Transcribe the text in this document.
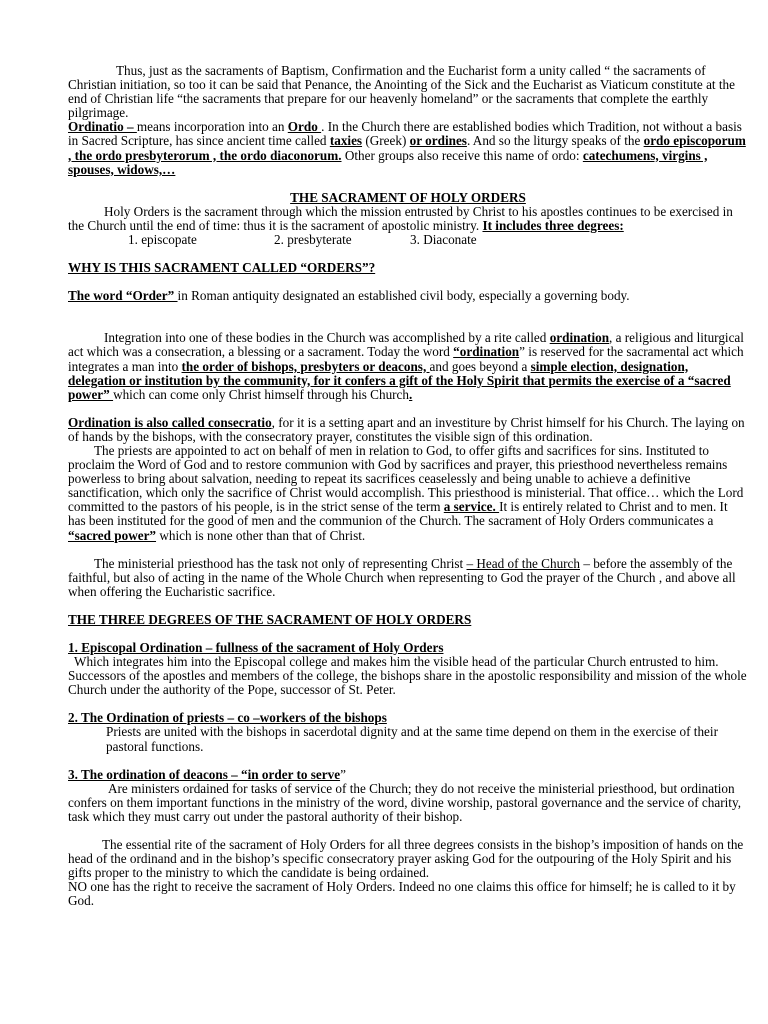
Thus, just as the sacraments of Baptism, Confirmation and the Eucharist form a unity called “ the sacraments of Christian initiation, so too it can be said that Penance, the Anointing of the Sick and the Eucharist as Viaticum constitute at the end of Christian life “the sacraments that prepare for our heavenly homeland” or the sacraments that complete the earthly pilgrimage.

Ordinatio – means incorporation into an Ordo . In the Church there are established bodies which Tradition, not without a basis in Sacred Scripture, has since ancient time called taxies (Greek) or ordines. And so the liturgy speaks of the ordo episcoporum , the ordo presbyterorum , the ordo diaconorum. Other groups also receive this name of ordo: catechumens, virgins , spouses, widows,…

THE SACRAMENT OF HOLY ORDERS

Holy Orders is the sacrament through which the mission entrusted by Christ to his apostles continues to be exercised in the Church until the end of time: thus it is the sacrament of apostolic ministry. It includes three degrees:1. episcopate	2. presbyterate	3. Diaconate

WHY IS THIS SACRAMENT CALLED “ORDERS”?

The word “Order” in Roman antiquity designated an established civil body, especially a governing body.

Integration into one of these bodies in the Church was accomplished by a rite called ordination, a religious and liturgical act which was a consecration, a blessing or a sacrament. Today the word “ordination” is reserved for the sacramental act which integrates a man into the order of bishops, presbyters or deacons, and goes beyond a simple election, designation, delegation or institution by the community, for it confers a gift of the Holy Spirit that permits the exercise of a “sacred power” which can come only Christ himself through his Church.

Ordination is also called consecratio, for it is a setting apart and an investiture by Christ himself for his Church. The laying on of hands by the bishops, with the consecratory prayer, constitutes the visible sign of this ordination.

The priests are appointed to act on behalf of men in relation to God, to offer gifts and sacrifices for sins. Instituted to proclaim the Word of God and to restore communion with God by sacrifices and prayer, this priesthood nevertheless remains powerless to bring about salvation, needing to repeat its sacrifices ceaselessly and being unable to achieve a definitive sanctification, which only the sacrifice of Christ would accomplish. This priesthood is ministerial. That office… which the Lord committed to the pastors of his people, is in the strict sense of the term a service. It is entirely related to Christ and to men. It has been instituted for the good of men and the communion of the Church. The sacrament of Holy Orders communicates a “sacred power” which is none other than that of Christ.

The ministerial priesthood has the task not only of representing Christ – Head of the Church – before the assembly of the faithful, but also of acting in the name of the Whole Church when representing to God the prayer of the Church , and above all when offering the Eucharistic sacrifice.

THE THREE DEGREES OF THE SACRAMENT OF HOLY ORDERS

1. Episcopal Ordination – fullness of the sacrament of Holy Orders

Which integrates him into the Episcopal college and makes him the visible head of the particular Church entrusted to him. Successors of the apostles and members of the college, the bishops share in the apostolic responsibility and mission of the whole Church under the authority of the Pope, successor of St. Peter.

2. The Ordination of priests – co –workers of the bishops

Priests are united with the bishops in sacerdotal dignity and at the same time depend on them in the exercise of their pastoral functions.

3. The ordination of deacons – “in order to serve”

Are ministers ordained for tasks of service of the Church; they do not receive the ministerial priesthood, but ordination confers on them important functions in the ministry of the word, divine worship, pastoral governance and the service of charity, task which they must carry out under the pastoral authority of their bishop.

The essential rite of the sacrament of Holy Orders for all three degrees consists in the bishop’s imposition of hands on the head of the ordinand and in the bishop’s specific consecratory prayer asking God for the outpouring of the Holy Spirit and his gifts proper to the ministry to which the candidate is being ordained.

NO one has the right to receive the sacrament of Holy Orders. Indeed no one claims this office for himself; he is called to it by God.
